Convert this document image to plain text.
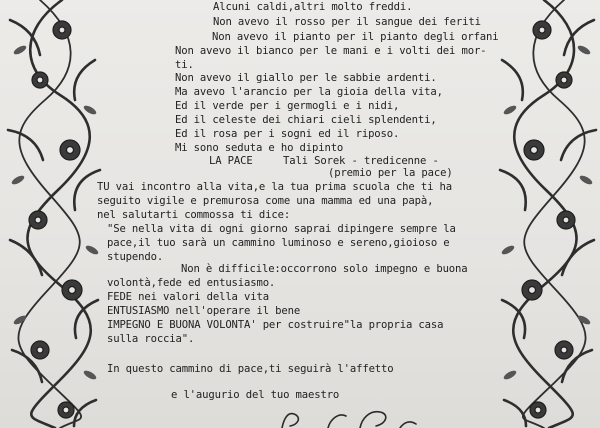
Alcuni caldi,altri molto freddi.
Non avevo il rosso per il sangue dei feriti
Non avevo il pianto per il pianto degli orfani
Non avevo il bianco per le mani e i volti dei mor-
ti.
Non avevo il giallo per le sabbie ardenti.
Ma avevo l'arancio per la gioia della vita,
Ed il verde per i germogli e i nidi,
Ed il celeste dei chiari cieli splendenti,
Ed il rosa per i sogni ed il riposo.
Mi sono seduta e ho dipinto
LA PACE	Tali Sorek - tredicenne -
(premio per la pace)
TU vai incontro alla vita,e la tua prima scuola che ti ha
seguito vigile e premurosa come una mamma ed una papà,
nel salutarti commossa ti dice:
"Se nella vita di ogni giorno saprai dipingere sempre la
pace,il tuo sarà un cammino luminoso e sereno,gioioso e
stupendo.
Non è difficile:occorrono solo impegno e buona
volontà,fede ed entusiasmo.
FEDE nei valori della vita
ENTUSIASMO nell'operare il bene
IMPEGNO E BUONA VOLONTA' per costruire"la propria casa
sulla roccia".
In questo cammino di pace,ti seguirà l'affetto
e l'augurio del tuo maestro
